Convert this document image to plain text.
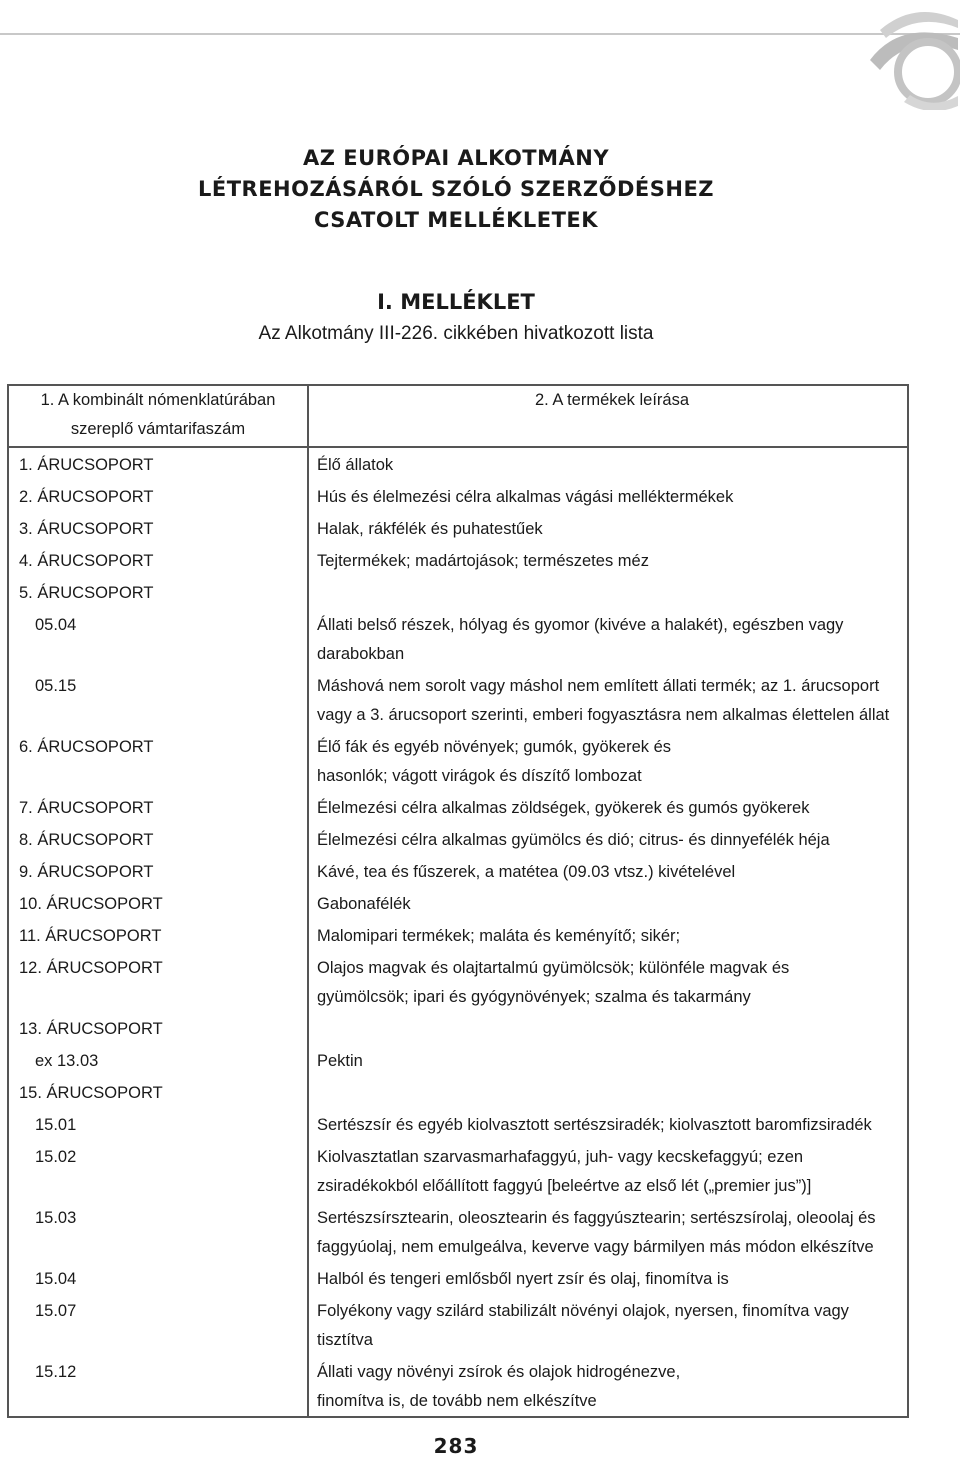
AZ EURÓPAI ALKOTMÁNY
LÉTREHOZÁSÁRÓL SZÓLÓ SZERZŐDÉSHEZ
CSATOLT MELLÉKLETEK
I. MELLÉKLET
Az Alkotmány III-226. cikkében hivatkozott lista
1. A kombinált nómenklatúrában
szereplő vámtarifaszám	2. A termékek leírása

1. ÁRUCSOPORT	Élő állatok

2. ÁRUCSOPORT	Hús és élelmezési célra alkalmas vágási melléktermékek

3. ÁRUCSOPORT	Halak, rákfélék és puhatestűek

4. ÁRUCSOPORT	Tejtermékek; madártojások; természetes méz

5. ÁRUCSOPORT	

05.04	Állati belső részek, hólyag és gyomor (kivéve a halakét), egészben vagy darabokban

05.15	Máshová nem sorolt vagy máshol nem említett állati termék; az 1. árucsoport
vagy a 3. árucsoport szerinti, emberi fogyasztásra nem alkalmas élettelen állat

6. ÁRUCSOPORT	Élő fák és egyéb növények; gumók, gyökerek és
hasonlók; vágott virágok és díszítő lombozat

7. ÁRUCSOPORT	Élelmezési célra alkalmas zöldségek, gyökerek és gumós gyökerek

8. ÁRUCSOPORT	Élelmezési célra alkalmas gyümölcs és dió; citrus- és dinnyefélék héja

9. ÁRUCSOPORT	Kávé, tea és fűszerek, a matétea (09.03 vtsz.) kivételével

10. ÁRUCSOPORT	Gabonafélék

11. ÁRUCSOPORT	Malomipari termékek; maláta és keményítő; sikér;

12. ÁRUCSOPORT	Olajos magvak és olajtartalmú gyümölcsök; különféle magvak és
gyümölcsök; ipari és gyógynövények; szalma és takarmány

13. ÁRUCSOPORT	

ex 13.03	Pektin

15. ÁRUCSOPORT	

15.01	Sertészsír és egyéb kiolvasztott sertészsiradék; kiolvasztott baromfizsiradék

15.02	Kiolvasztatlan szarvasmarhafaggyú, juh- vagy kecskefaggyú; ezen
zsiradékokból előállított faggyú [beleértve az első lét („premier jus”)]

15.03	Sertészsírsztearin, oleosztearin és faggyúsztearin; sertészsírolaj, oleoolaj és
faggyúolaj, nem emulgeálva, keverve vagy bármilyen más módon elkészítve

15.04	Halból és tengeri emlősből nyert zsír és olaj, finomítva is

15.07	Folyékony vagy szilárd stabilizált növényi olajok, nyersen, finomítva vagy tisztítva

15.12	Állati vagy növényi zsírok és olajok hidrogénezve,
finomítva is, de tovább nem elkészítve
283
